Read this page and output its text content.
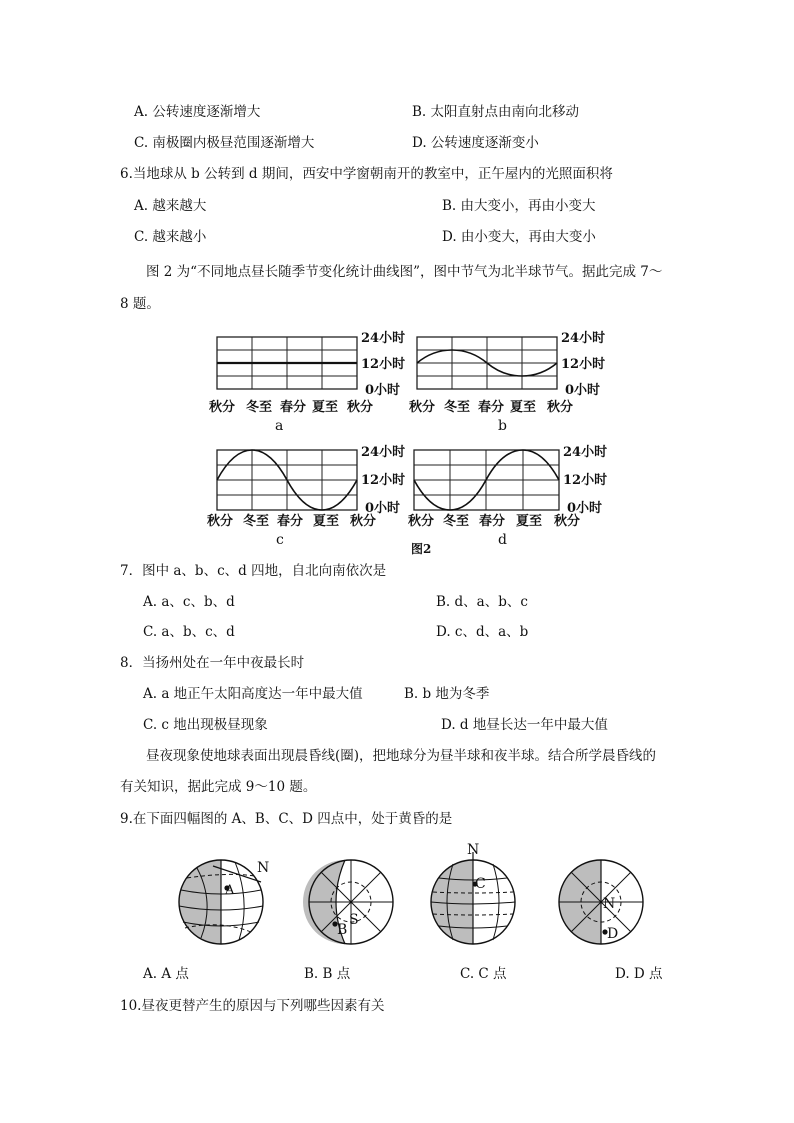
A. 公转速度逐渐增大	B. 太阳直射点由南向北移动
C. 南极圈内极昼范围逐渐增大	D. 公转速度逐渐变小
6.当地球从 b 公转到 d 期间，西安中学窗朝南开的教室中，正午屋内的光照面积将
A. 越来越大	B. 由大变小，再由小变大
C. 越来越小	D. 由小变大，再由大变小
图 2 为“不同地点昼长随季节变化统计曲线图”，图中节气为北半球节气。据此完成 7～
8 题。
24小时
12小时
0小时
秋分 冬至 春分 夏至 秋分
a
24小时
12小时
0小时
秋分 冬至 春分 夏至 秋分
b
24小时
12小时
0小时
秋分 冬至 春分 夏至 秋分
c
24小时
12小时
0小时
秋分 冬至 春分 夏至 秋分
d
图2
7．图中 a、b、c、d 四地，自北向南依次是
A. a、c、b、d	B. d、a、b、c
C. a、b、c、d	D. c、d、a、b
8．当扬州处在一年中夜最长时
A. a 地正午太阳高度达一年中最大值	B. b 地为冬季
C. c 地出现极昼现象	D. d 地昼长达一年中最大值
昼夜现象使地球表面出现晨昏线(圈)，把地球分为昼半球和夜半球。结合所学晨昏线的
有关知识，据此完成 9～10 题。
9.在下面四幅图的 A、B、C、D 四点中，处于黄昏的是
A
N
B
S
N
C
N
D
A. A 点	B. B 点	C. C 点	D. D 点
10.昼夜更替产生的原因与下列哪些因素有关
